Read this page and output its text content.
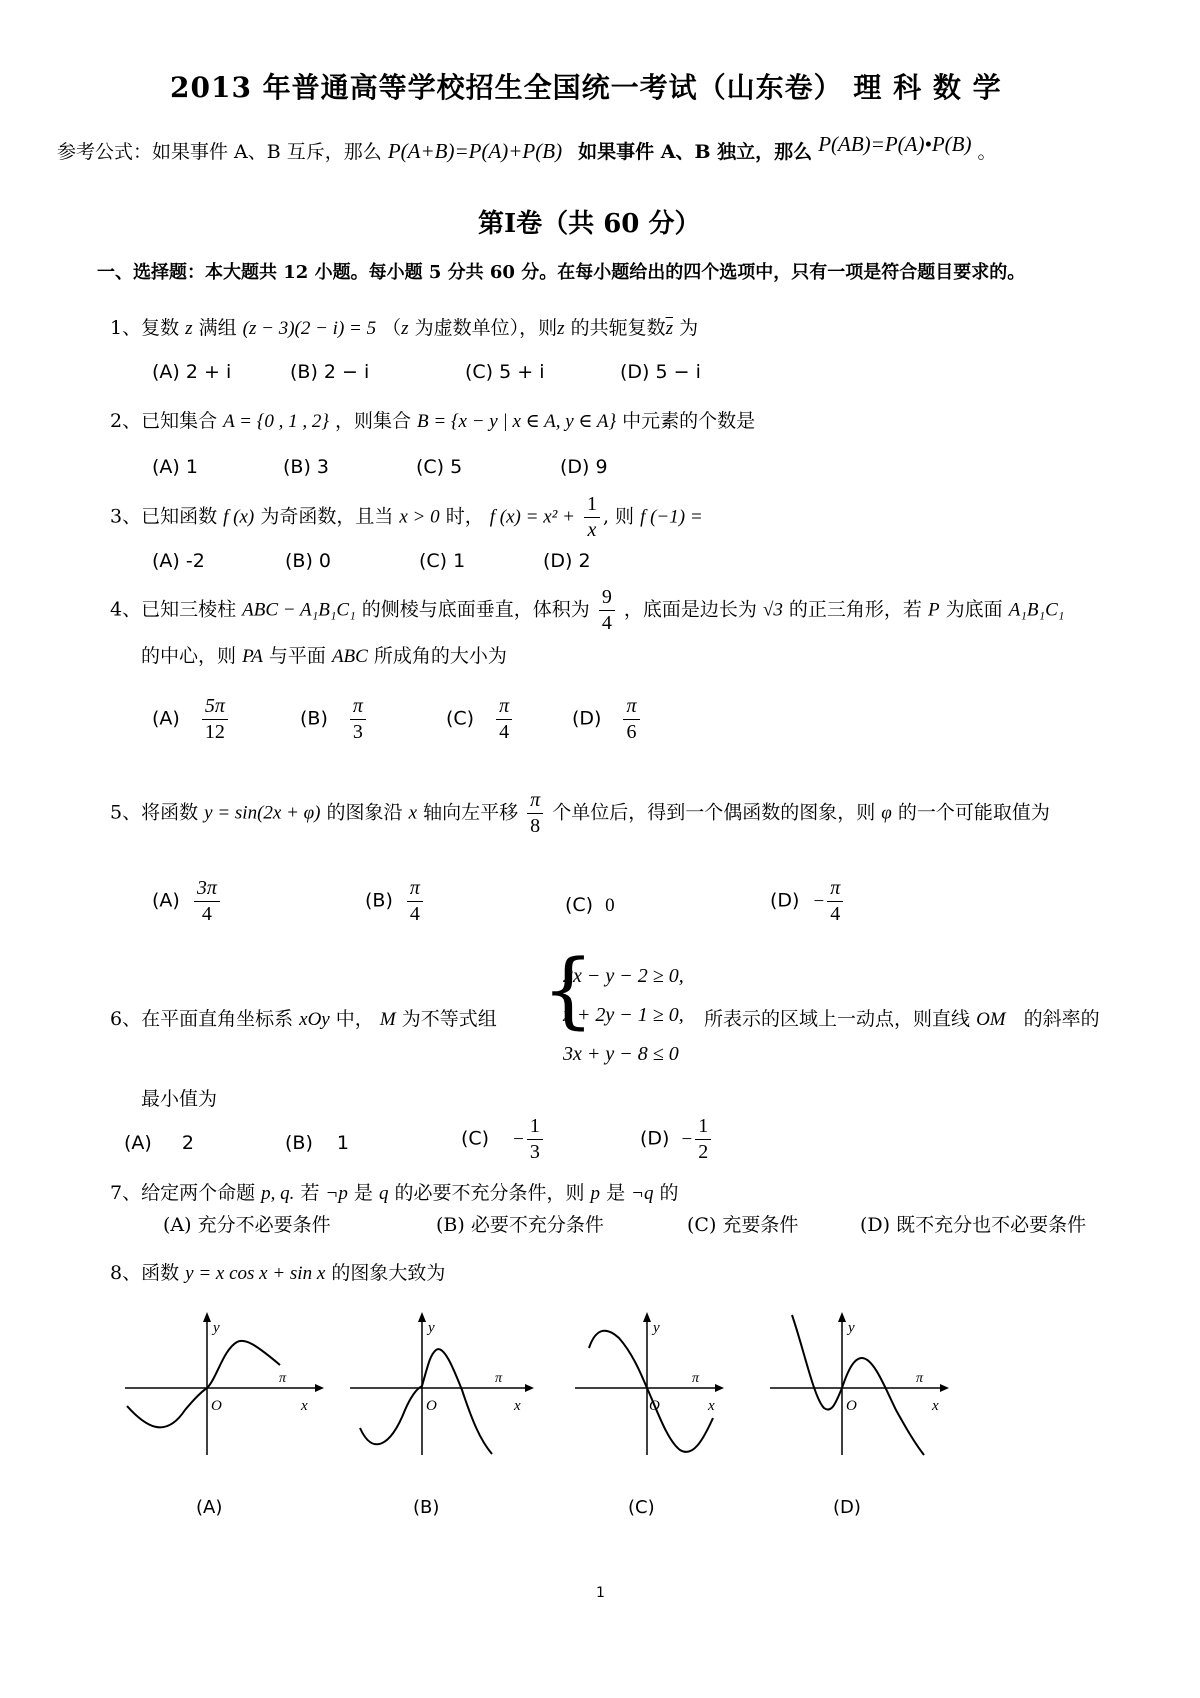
2013 年普通高等学校招生全国统一考试（山东卷） 理 科 数 学
参考公式：如果事件 A、B 互斥，那么 P(A+B)=P(A)+P(B) 如果事件 A、B 独立，那么 P(AB)=P(A)•P(B) 。
第Ⅰ卷（共 60 分）
一、选择题：本大题共 12 小题。每小题 5 分共 60 分。在每小题给出的四个选项中，只有一项是符合题目要求的。
1、复数 z 满组 (z − 3)(2 − i) = 5 （z 为虚数单位），则z 的共轭复数$\overline{z}$ 为
(A) 2 + i	(B) 2 − i	(C) 5 + i	(D) 5 − i
2、已知集合 A = {0 , 1 , 2} ，则集合 B = {x − y | x ∈ A, y ∈ A} 中元素的个数是
(A) 1	(B) 3	(C) 5	(D) 9
3、已知函数 f (x) 为奇函数，且当 x > 0 时， f $(x) = x^2 + \frac{1}{x}$ , 则 f (−1) =
(A) -2	(B) 0	(C) 1	(D) 2
4、已知三棱柱 ABC − A₁B₁C₁ 的侧棱与底面垂直，体积为 $\frac{9}{4}$ ，底面是边长为 √3 的正三角形，若 P 为底面 A₁B₁C₁
的中心，则 PA 与平面 ABC 所成角的大小为
$(A) \frac{5\pi}{12}$	$(B) \frac{\pi}{3}$	$(C) \frac{\pi}{4}$	$(D) \frac{\pi}{6}$
5、将函数 y = sin(2x + φ) 的图象沿 x 轴向左平移 $\frac{\pi}{8}$ 个单位后，得到一个偶函数的图象，则 φ 的一个可能取值为
$(A) \frac{3\pi}{4}$	$(B) \frac{\pi}{4}$	(C) 0	$(D) - \frac{\pi}{4}$
6、在平面直角坐标系 xOy 中， M 为不等式组 {
2x − y − 2 ≥ 0,
x + 2y − 1 ≥ 0,
3x + y − 8 ≤ 0
所表示的区域上一动点，则直线 OM 的斜率的
最小值为
(A) 2	(B) 1	$(C) - \frac{1}{3}$	$(D) - \frac{1}{2}$
7、给定两个命题 p, q. 若 ¬p 是 q 的必要不充分条件，则 p 是 ¬q 的
(A) 充分不必要条件	(B) 必要不充分条件	(C) 充要条件	(D) 既不充分也不必要条件
8、函数 y = x cos x + sin x 的图象大致为
y
x
O
π
y
x
O
π
y
x
O
π
y
x
O
π
(A)	(B)	(C)	(D)
1
